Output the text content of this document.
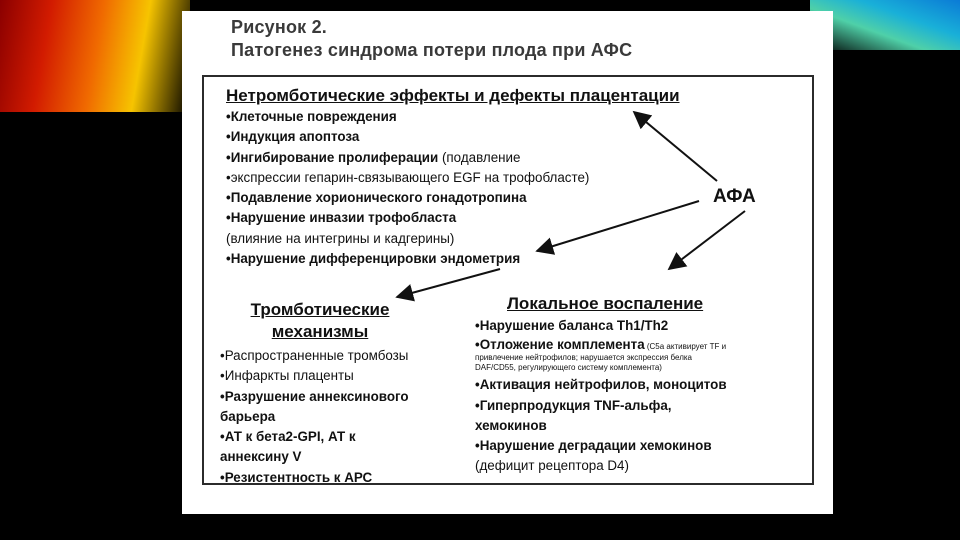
Рисунок 2.
Патогенез синдрома потери плода при АФС
Нетромботические эффекты и дефекты плацентации
•Клеточные повреждения
•Индукция апоптоза
•Ингибирование пролиферации (подавление
•экспрессии гепарин-связывающего EGF на трофобласте)
•Подавление хорионического гонадотропина
•Нарушение инвазии трофобласта
(влияние на интегрины и кадгерины)
•Нарушение дифференцировки эндометрия
АФА
Тромботические
механизмы
•Распространенные тромбозы
•Инфаркты плаценты
•Разрушение аннексинового
барьера
•АТ к бета2-GPI, АТ к
аннексину V
•Резистентность к АРС
Локальное воспаление
•Нарушение баланса Th1/Th2
•Отложение комплемента (C5a активирует TF и
привлечение нейтрофилов; нарушается экспрессия белка
DAF/CD55, регулирующего систему комплемента)
•Активация нейтрофилов, моноцитов
•Гиперпродукция TNF-альфа,
хемокинов
•Нарушение деградации хемокинов
(дефицит рецептора D4)
